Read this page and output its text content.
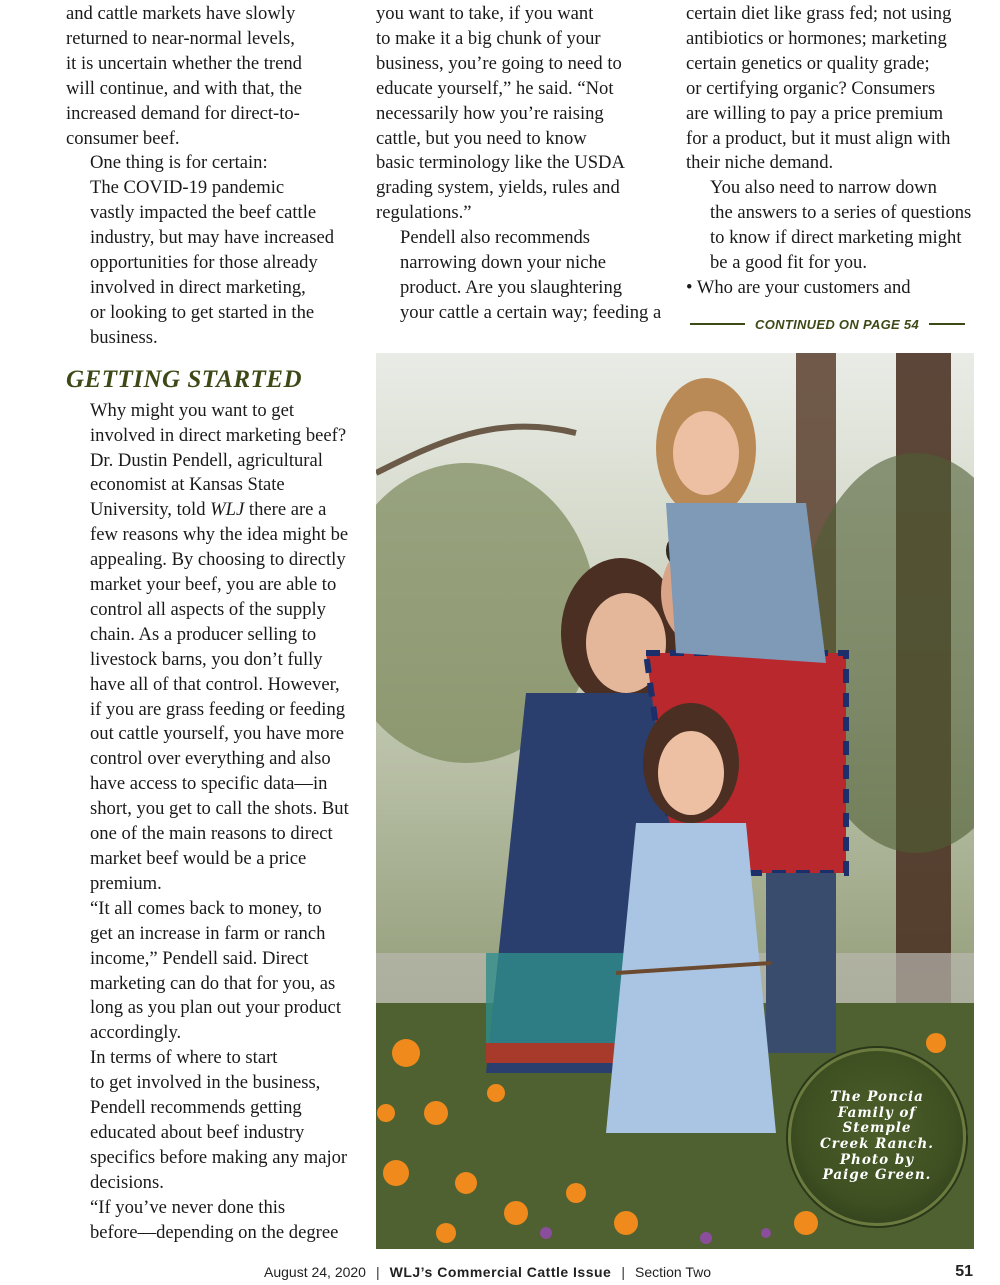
and cattle markets have slowly
returned to near-normal levels,
it is uncertain whether the trend
will continue, and with that, the
increased demand for direct-to-
consumer beef.

One thing is for certain:
The COVID-19 pandemic
vastly impacted the beef cattle
industry, but may have increased
opportunities for those already
involved in direct marketing,
or looking to get started in the
business.

GETTING STARTED

Why might you want to get
involved in direct marketing beef?
Dr. Dustin Pendell, agricultural
economist at Kansas State
University, told WLJ there are a
few reasons why the idea might be
appealing. By choosing to directly
market your beef, you are able to
control all aspects of the supply
chain. As a producer selling to
livestock barns, you don’t fully
have all of that control. However,
if you are grass feeding or feeding
out cattle yourself, you have more
control over everything and also
have access to specific data—in
short, you get to call the shots. But
one of the main reasons to direct
market beef would be a price
premium.

“It all comes back to money, to
get an increase in farm or ranch
income,” Pendell said. Direct
marketing can do that for you, as
long as you plan out your product
accordingly.

In terms of where to start
to get involved in the business,
Pendell recommends getting
educated about beef industry
specifics before making any major
decisions.

“If you’ve never done this
before—depending on the degree

you want to take, if you want
to make it a big chunk of your
business, you’re going to need to
educate yourself,” he said. “Not
necessarily how you’re raising
cattle, but you need to know
basic terminology like the USDA
grading system, yields, rules and
regulations.”

Pendell also recommends
narrowing down your niche
product. Are you slaughtering
your cattle a certain way; feeding a

certain diet like grass fed; not using
antibiotics or hormones; marketing
certain genetics or quality grade;
or certifying organic? Consumers
are willing to pay a price premium
for a product, but it must align with
their niche demand.

You also need to narrow down
the answers to a series of questions
to know if direct marketing might
be a good fit for you.

• Who are your customers and

CONTINUED ON PAGE 54
The Poncia Family of Stemple Creek Ranch. Photo by Paige Green.
August 24, 2020 | WLJ’s Commercial Cattle Issue | Section Two	51
